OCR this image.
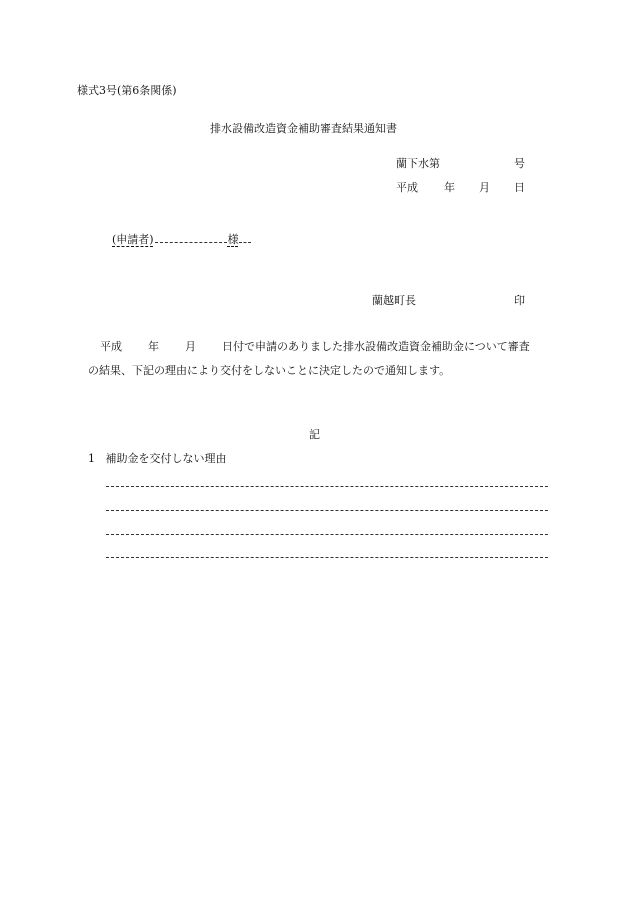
様式3号(第6条関係)
排水設備改造資金補助審査結果通知書
蘭下水第	号
平成 年 月 日
(申請者)	様
蘭越町長	印
平成 年 月 日付で申請のありました排水設備改造資金補助金について審査
の結果、下記の理由により交付をしないことに決定したので通知します。
記
1 補助金を交付しない理由
